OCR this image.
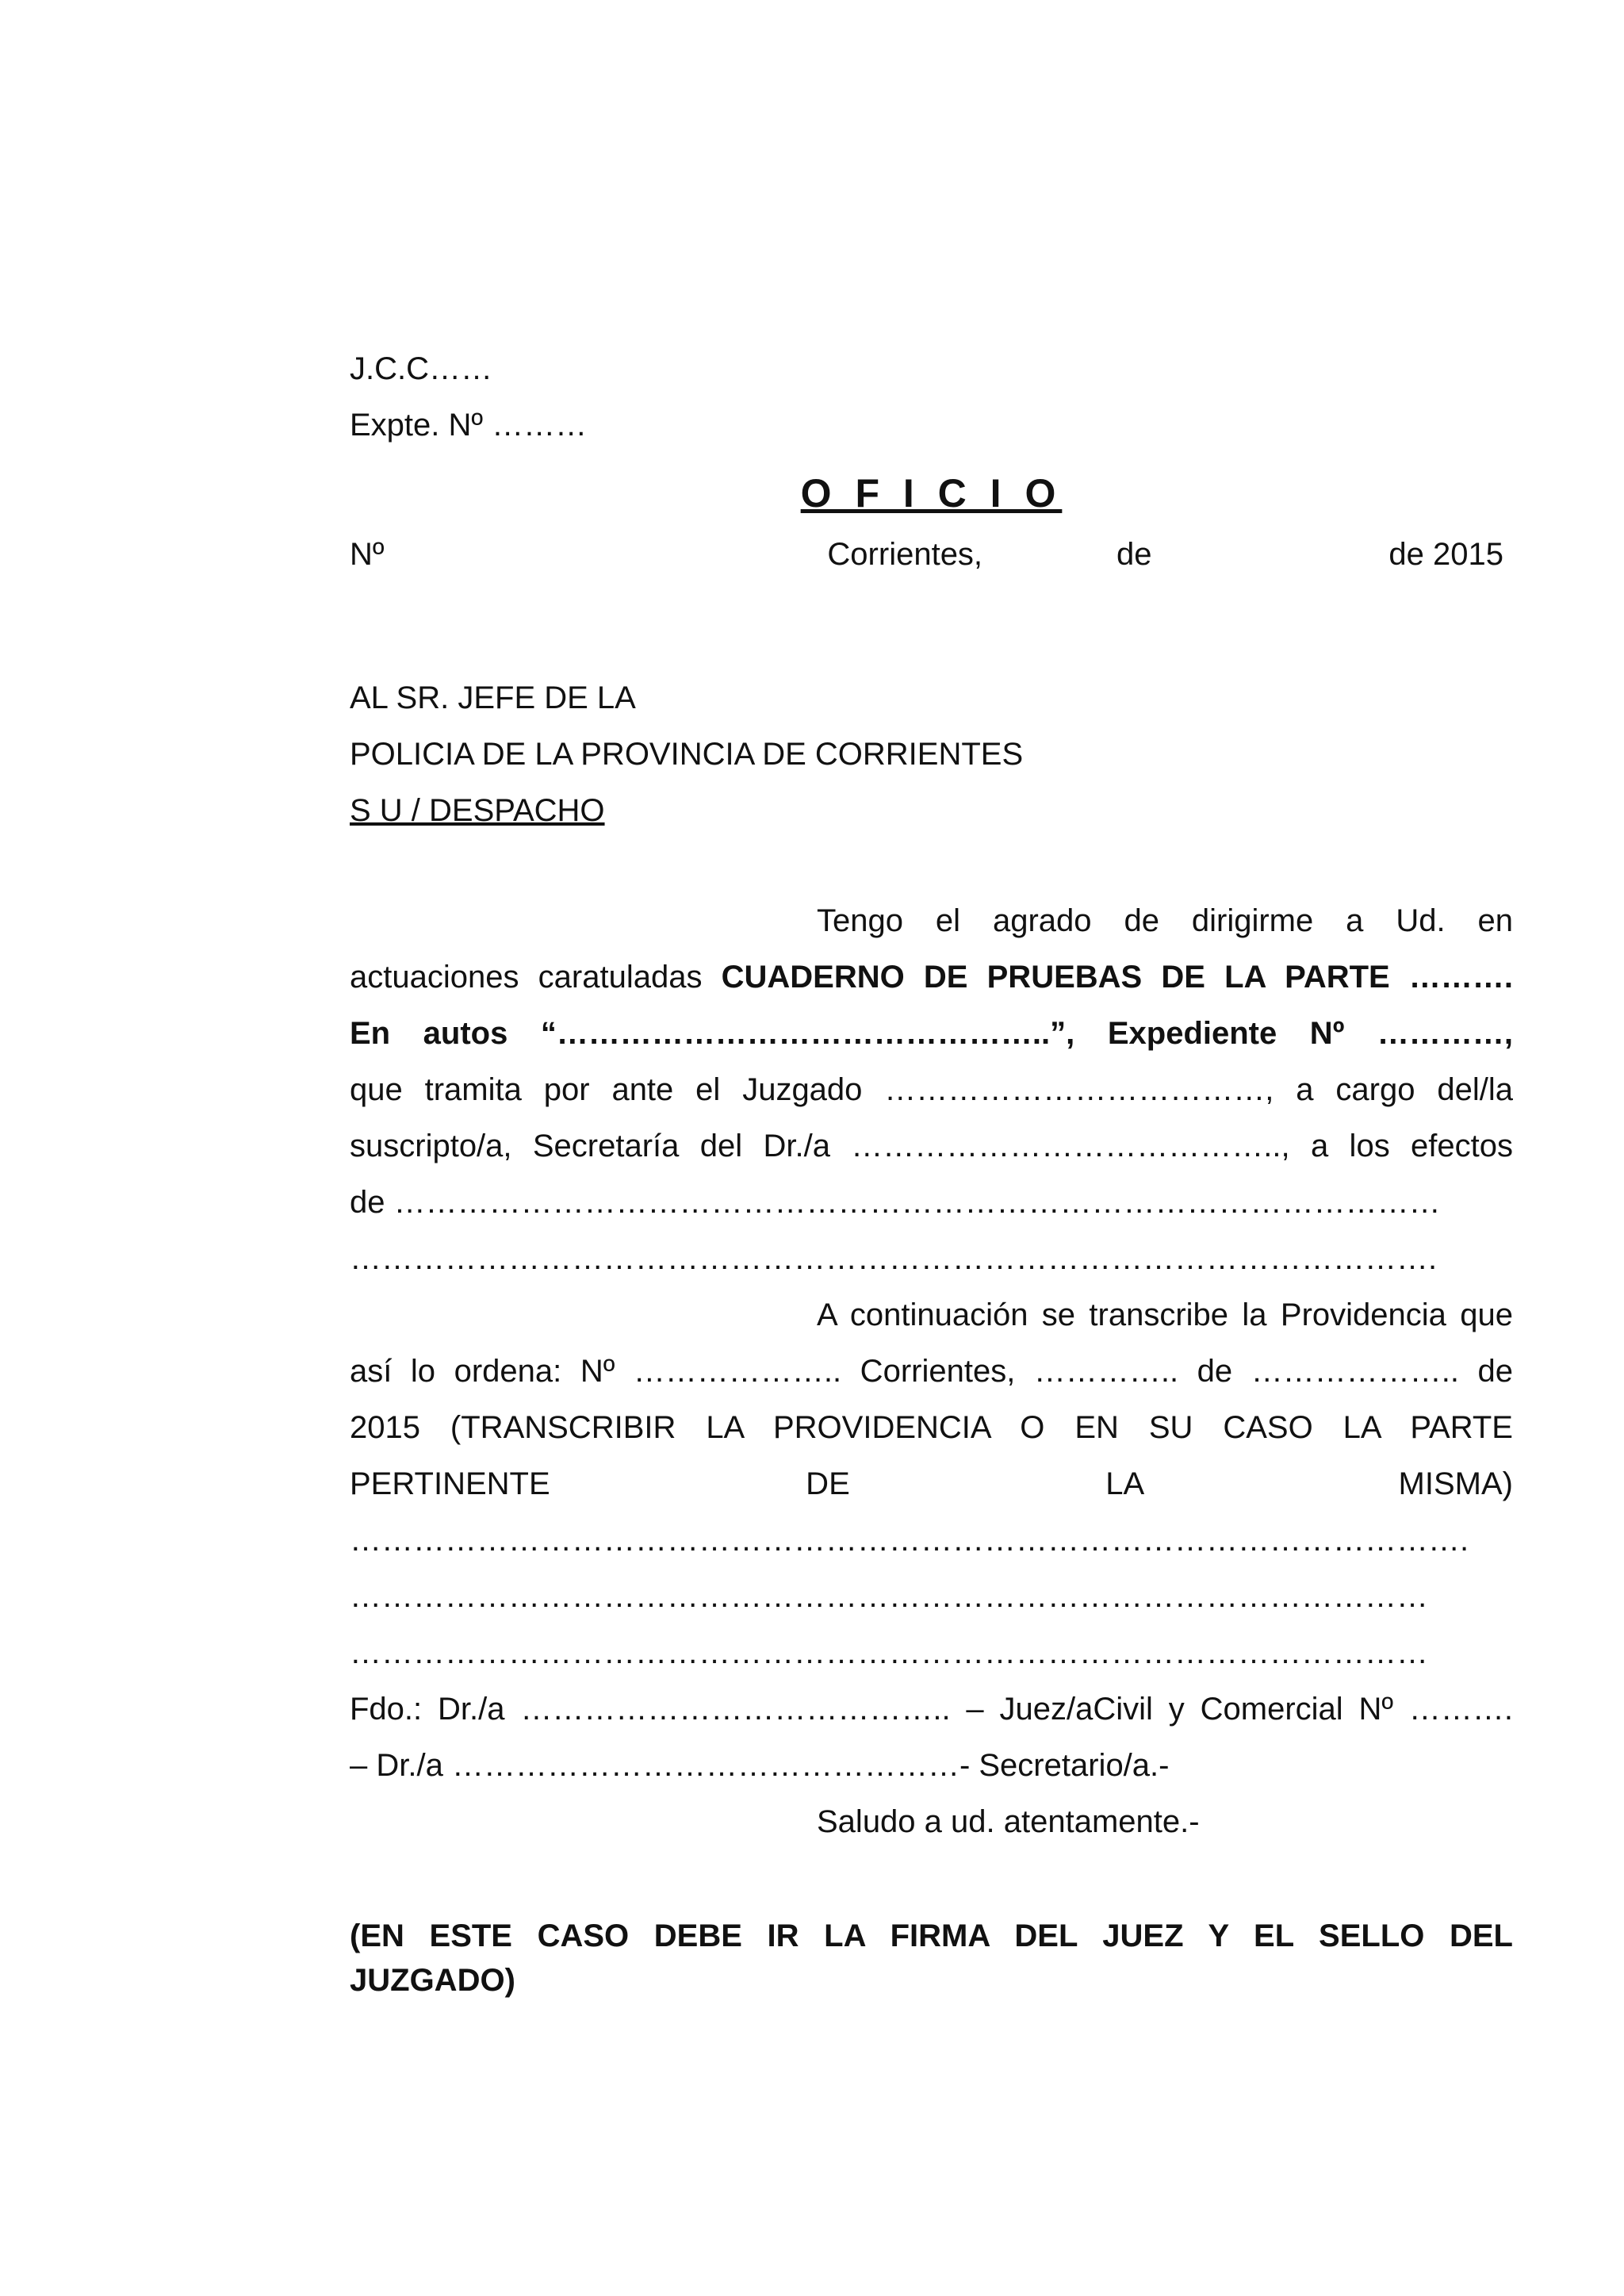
J.C.C……
Expte. Nº ………
O F I C I O
Nº	Corrientes,	de	de 2015
AL SR. JEFE DE LA
POLICIA DE LA PROVINCIA DE CORRIENTES
S U / DESPACHO
Tengo el agrado de dirigirme a Ud. en
actuaciones caratuladas CUADERNO DE PRUEBAS DE LA PARTE ……….
En autos “………………………………………..”, Expediente Nº …………,
que tramita por ante el Juzgado ………………………………, a cargo del/la
suscripto/a, Secretaría del Dr./a ………………………………….., a los efectos
de ………………………………………………………………………………………
………………………………………………………………………………………….
A continuación se transcribe la Providencia que
así lo ordena: Nº ……………….. Corrientes, ………….. de ……………….. de
2015 (TRANSCRIBIR LA PROVIDENCIA O EN SU CASO LA PARTE
PERTINENTE DE LA MISMA)
…………………………………………………………………………………………….
…………………………………………………………………………………………
…………………………………………………………………………………………
Fdo.: Dr./a ………………………………….. – Juez/aCivil y Comercial Nº ……….
– Dr./a …………………………………………- Secretario/a.-
Saludo a ud. atentamente.-
(EN ESTE CASO DEBE IR LA FIRMA DEL JUEZ Y EL SELLO DEL
JUZGADO)
